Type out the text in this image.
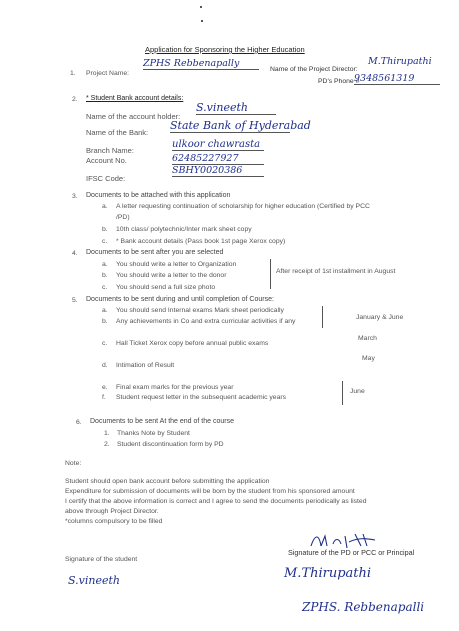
Application for Sponsoring the Higher Education
1. Project Name:
ZPHS Rebbenapally
Name of the Project Director:
M.Thirupathi
PD's Phone #
9348561319
2. * Student Bank account details:
Name of the account holder:
S.vineeth
Name of the Bank:
State Bank of Hyderabad
Branch Name:
ulkoor chawrasta
Account No.	62485227927
IFSC Code:
SBHY0020386
3. Documents to be attached with this application
a. A letter requesting continuation of scholarship for higher education (Certified by PCC
/PD)
b. 10th class/ polytechnic/Inter mark sheet copy
c. * Bank account details (Pass book 1st page Xerox copy)
4. Documents to be sent after you are selected
a. You should write a letter to Organization
b. You should write a letter to the donor
c. You should send a full size photo
After receipt of 1st installment in August
5. Documents to be sent during and until completion of Course:
a. You should send Internal exams Mark sheet periodically
b. Any achievements in Co and extra curricular activities if any
January & June
c. Hall Ticket Xerox copy before annual public exams
March
d. Intimation of Result
May
e. Final exam marks for the previous year
f. Student request letter in the subsequent academic years
June
6. Documents to be sent At the end of the course
1. Thanks Note by Student
2. Student discontinuation form by PD
Note:
Student should open bank account before submitting the application
Expenditure for submission of documents will be born by the student from his sponsored amount
I certify that the above information is correct and I agree to send the documents periodically as listed
above through Project Director.
*columns compulsory to be filled
Signature of the student
S.vineeth
Signature of the PD or PCC or Principal
M.Thirupathi
ZPHS. Rebbenapalli
